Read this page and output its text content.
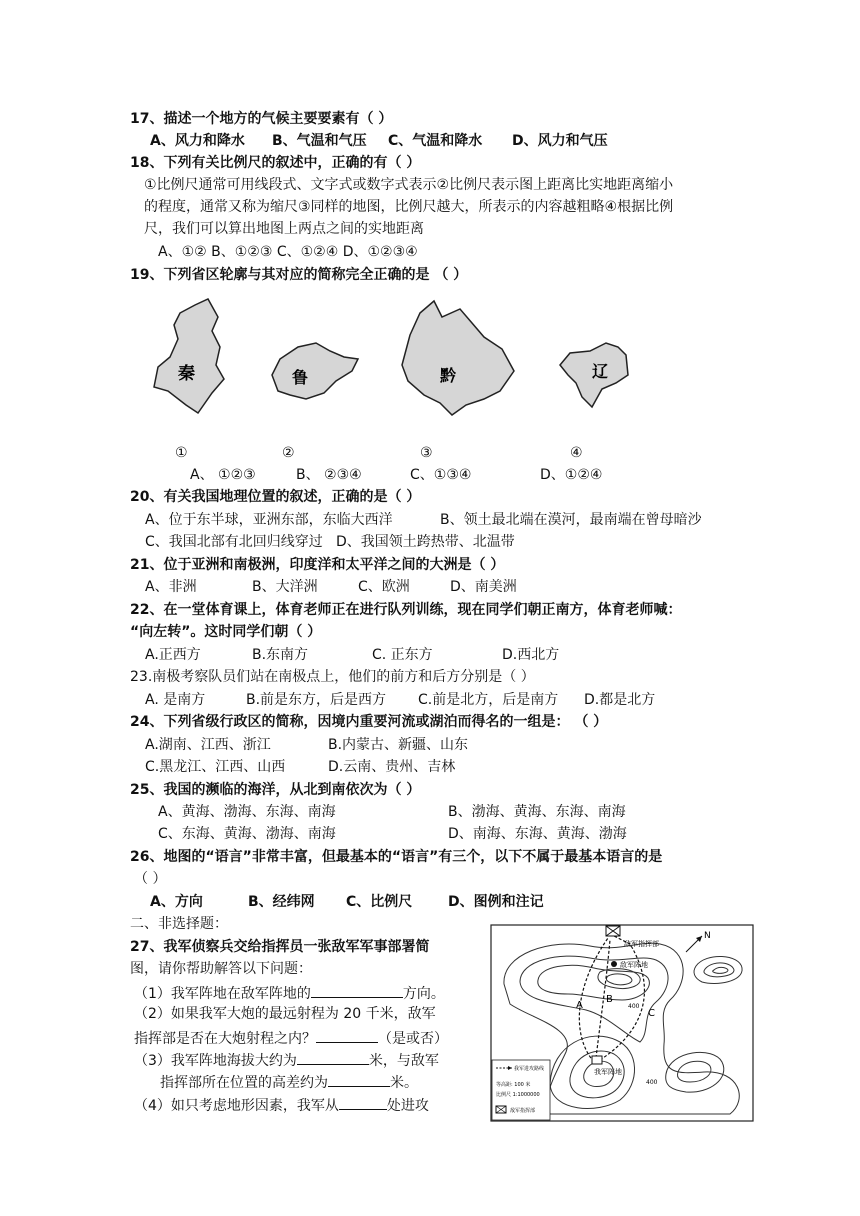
17、描述一个地方的气候主要要素有（ ）
A、风力和降水 B、气温和气压 C、气温和降水 D、风力和气压
18、下列有关比例尺的叙述中，正确的有（ ）
①比例尺通常可用线段式、文字式或数字式表示②比例尺表示图上距离比实地距离缩小
的程度，通常又称为缩尺③同样的地图，比例尺越大，所表示的内容越粗略④根据比例
尺，我们可以算出地图上两点之间的实地距离
A、①② B、①②③ C、①②④ D、①②③④
19、下列省区轮廓与其对应的简称完全正确的是 （ ）
秦	鲁	黔	辽
①	②	③	④
A、 ①②③	B、 ②③④	C、①③④	D、①②④
20、有关我国地理位置的叙述，正确的是（ ）
A、位于东半球，亚洲东部，东临大西洋	B、领土最北端在漠河，最南端在曾母暗沙
C、我国北部有北回归线穿过 D、我国领土跨热带、北温带
21、位于亚洲和南极洲，印度洋和太平洋之间的大洲是（ ）
A、非洲	B、大洋洲	C、欧洲	D、南美洲
22、在一堂体育课上，体育老师正在进行队列训练，现在同学们朝正南方，体育老师喊：
“向左转”。这时同学们朝（ ）
A.正西方	B.东南方	C. 正东方	D.西北方
23.南极考察队员们站在南极点上，他们的前方和后方分别是（ ）
A. 是南方	B.前是东方，后是西方 C.前是北方，后是南方 D.都是北方
24、下列省级行政区的简称，因境内重要河流或湖泊而得名的一组是： （ ）
A.湖南、江西、浙江	B.内蒙古、新疆、山东
C.黑龙江、江西、山西	D.云南、贵州、吉林
25、我国的濒临的海洋，从北到南依次为（ ）
A、黄海、渤海、东海、南海	B、渤海、黄海、东海、南海
C、东海、黄海、渤海、南海	D、南海、东海、黄海、渤海
26、地图的“语言”非常丰富，但最基本的“语言”有三个，以下不属于最基本语言的是
（ ）
A、方向	B、经纬网 C、比例尺	D、图例和注记
二、非选择题：
27、我军侦察兵交给指挥员一张敌军军事部署简
图，请你帮助解答以下问题：
（1）我军阵地在敌军阵地的	方向。
（2）如果我军大炮的最远射程为 20 千米，敌军
指挥部是否在大炮射程之内？	（是或否）
（3）我军阵地海拔大约为	米，与敌军
指挥部所在位置的高差约为	米。
（4）如只考虑地形因素，我军从	处进攻
敌军指挥部
敌军阵地
我军阵地
A
B
C
400
400
N
我军进攻路线
等高距: 100 米
比例尺 1:1000000
敌军指挥部
